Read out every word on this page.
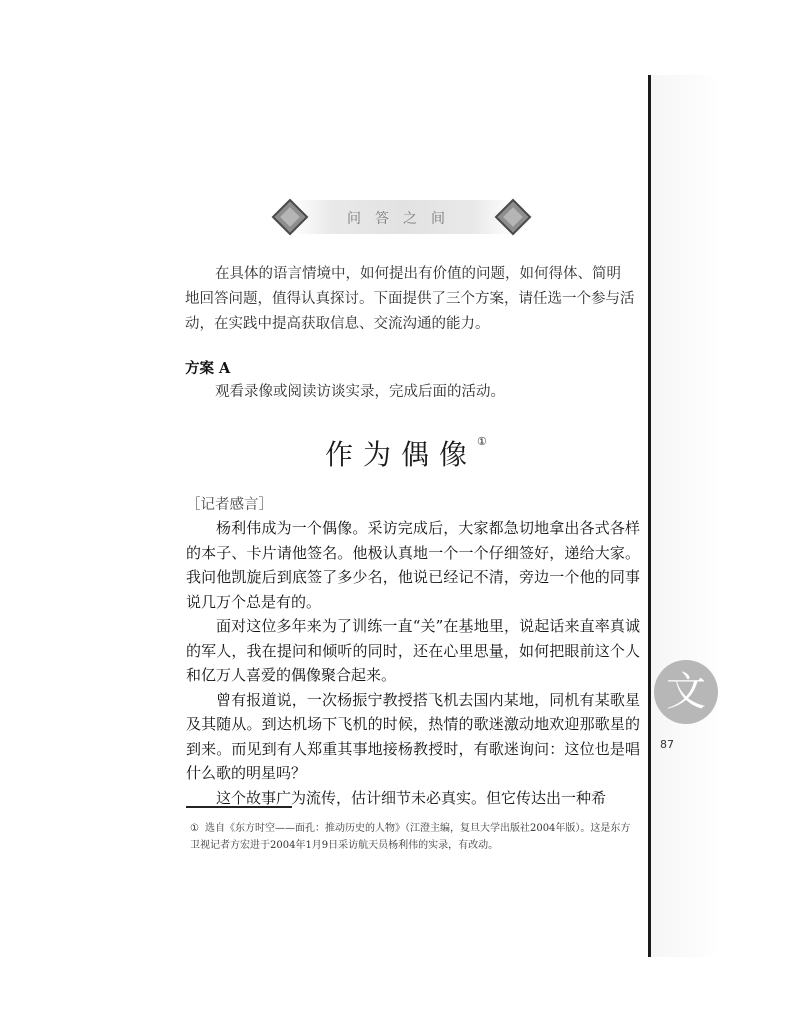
问答之间

在具体的语言情境中，如何提出有价值的问题，如何得体、简明地回答问题，值得认真探讨。下面提供了三个方案，请任选一个参与活动，在实践中提高获取信息、交流沟通的能力。

方案 A
观看录像或阅读访谈实录，完成后面的活动。
作为偶像①
［记者感言］

杨利伟成为一个偶像。采访完成后，大家都急切地拿出各式各样的本子、卡片请他签名。他极认真地一个一个仔细签好，递给大家。我问他凯旋后到底签了多少名，他说已经记不清，旁边一个他的同事说几万个总是有的。

面对这位多年来为了训练一直“关”在基地里，说起话来直率真诚的军人，我在提问和倾听的同时，还在心里思量，如何把眼前这个人和亿万人喜爱的偶像聚合起来。

曾有报道说，一次杨振宁教授搭飞机去国内某地，同机有某歌星及其随从。到达机场下飞机的时候，热情的歌迷激动地欢迎那歌星的到来。而见到有人郑重其事地接杨教授时，有歌迷询问：这位也是唱什么歌的明星吗？

这个故事广为流传，估计细节未必真实。但它传达出一种希

① 选自《东方时空——面孔：推动历史的人物》（江澄主编，复旦大学出版社2004年版）。这是东方卫视记者方宏进于2004年1月9日采访航天员杨利伟的实录，有改动。
文
87
